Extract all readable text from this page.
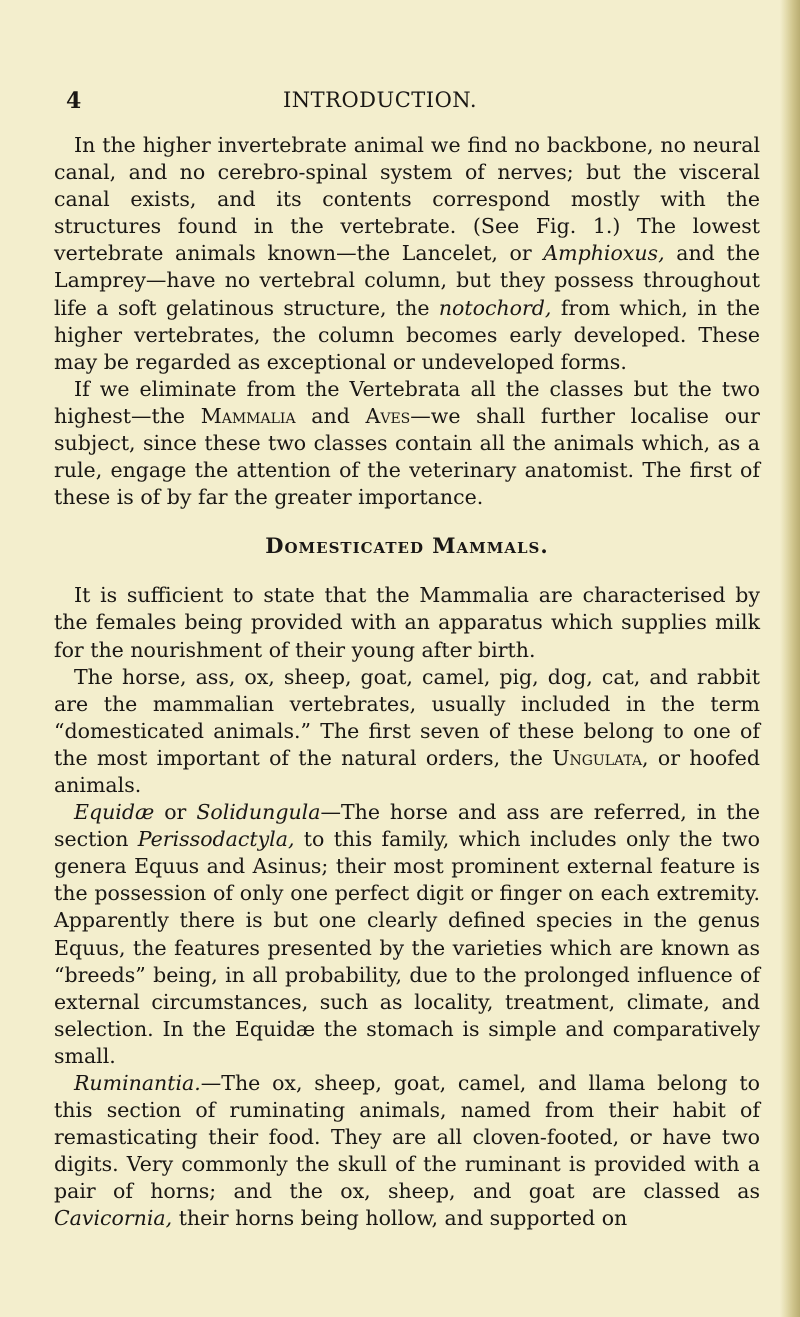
4	INTRODUCTION.

In the higher invertebrate animal we find no backbone, no neural canal, and no cerebro-spinal system of nerves; but the visceral canal exists, and its contents correspond mostly with the structures found in the vertebrate. (See Fig. 1.) The lowest vertebrate animals known—the Lancelet, or Amphioxus, and the Lamprey—have no vertebral column, but they possess throughout life a soft gelatinous structure, the notochord, from which, in the higher vertebrates, the column becomes early developed. These may be regarded as exceptional or undeveloped forms.

If we eliminate from the Vertebrata all the classes but the two highest—the Mammalia and Aves—we shall further localise our subject, since these two classes contain all the animals which, as a rule, engage the attention of the veterinary anatomist. The first of these is of by far the greater importance.

Domesticated Mammals.

It is sufficient to state that the Mammalia are characterised by the females being provided with an apparatus which supplies milk for the nourishment of their young after birth.

The horse, ass, ox, sheep, goat, camel, pig, dog, cat, and rabbit are the mammalian vertebrates, usually included in the term “domesticated animals.” The first seven of these belong to one of the most important of the natural orders, the Ungulata, or hoofed animals.

Equidæ or Solidungula—The horse and ass are referred, in the section Perissodactyla, to this family, which includes only the two genera Equus and Asinus; their most prominent external feature is the possession of only one perfect digit or finger on each extremity. Apparently there is but one clearly defined species in the genus Equus, the features presented by the varieties which are known as “breeds” being, in all probability, due to the prolonged influence of external circumstances, such as locality, treatment, climate, and selection. In the Equidæ the stomach is simple and comparatively small.

Ruminantia.—The ox, sheep, goat, camel, and llama belong to this section of ruminating animals, named from their habit of remasticating their food. They are all cloven-footed, or have two digits. Very commonly the skull of the ruminant is provided with a pair of horns; and the ox, sheep, and goat are classed as Cavicornia, their horns being hollow, and supported on
